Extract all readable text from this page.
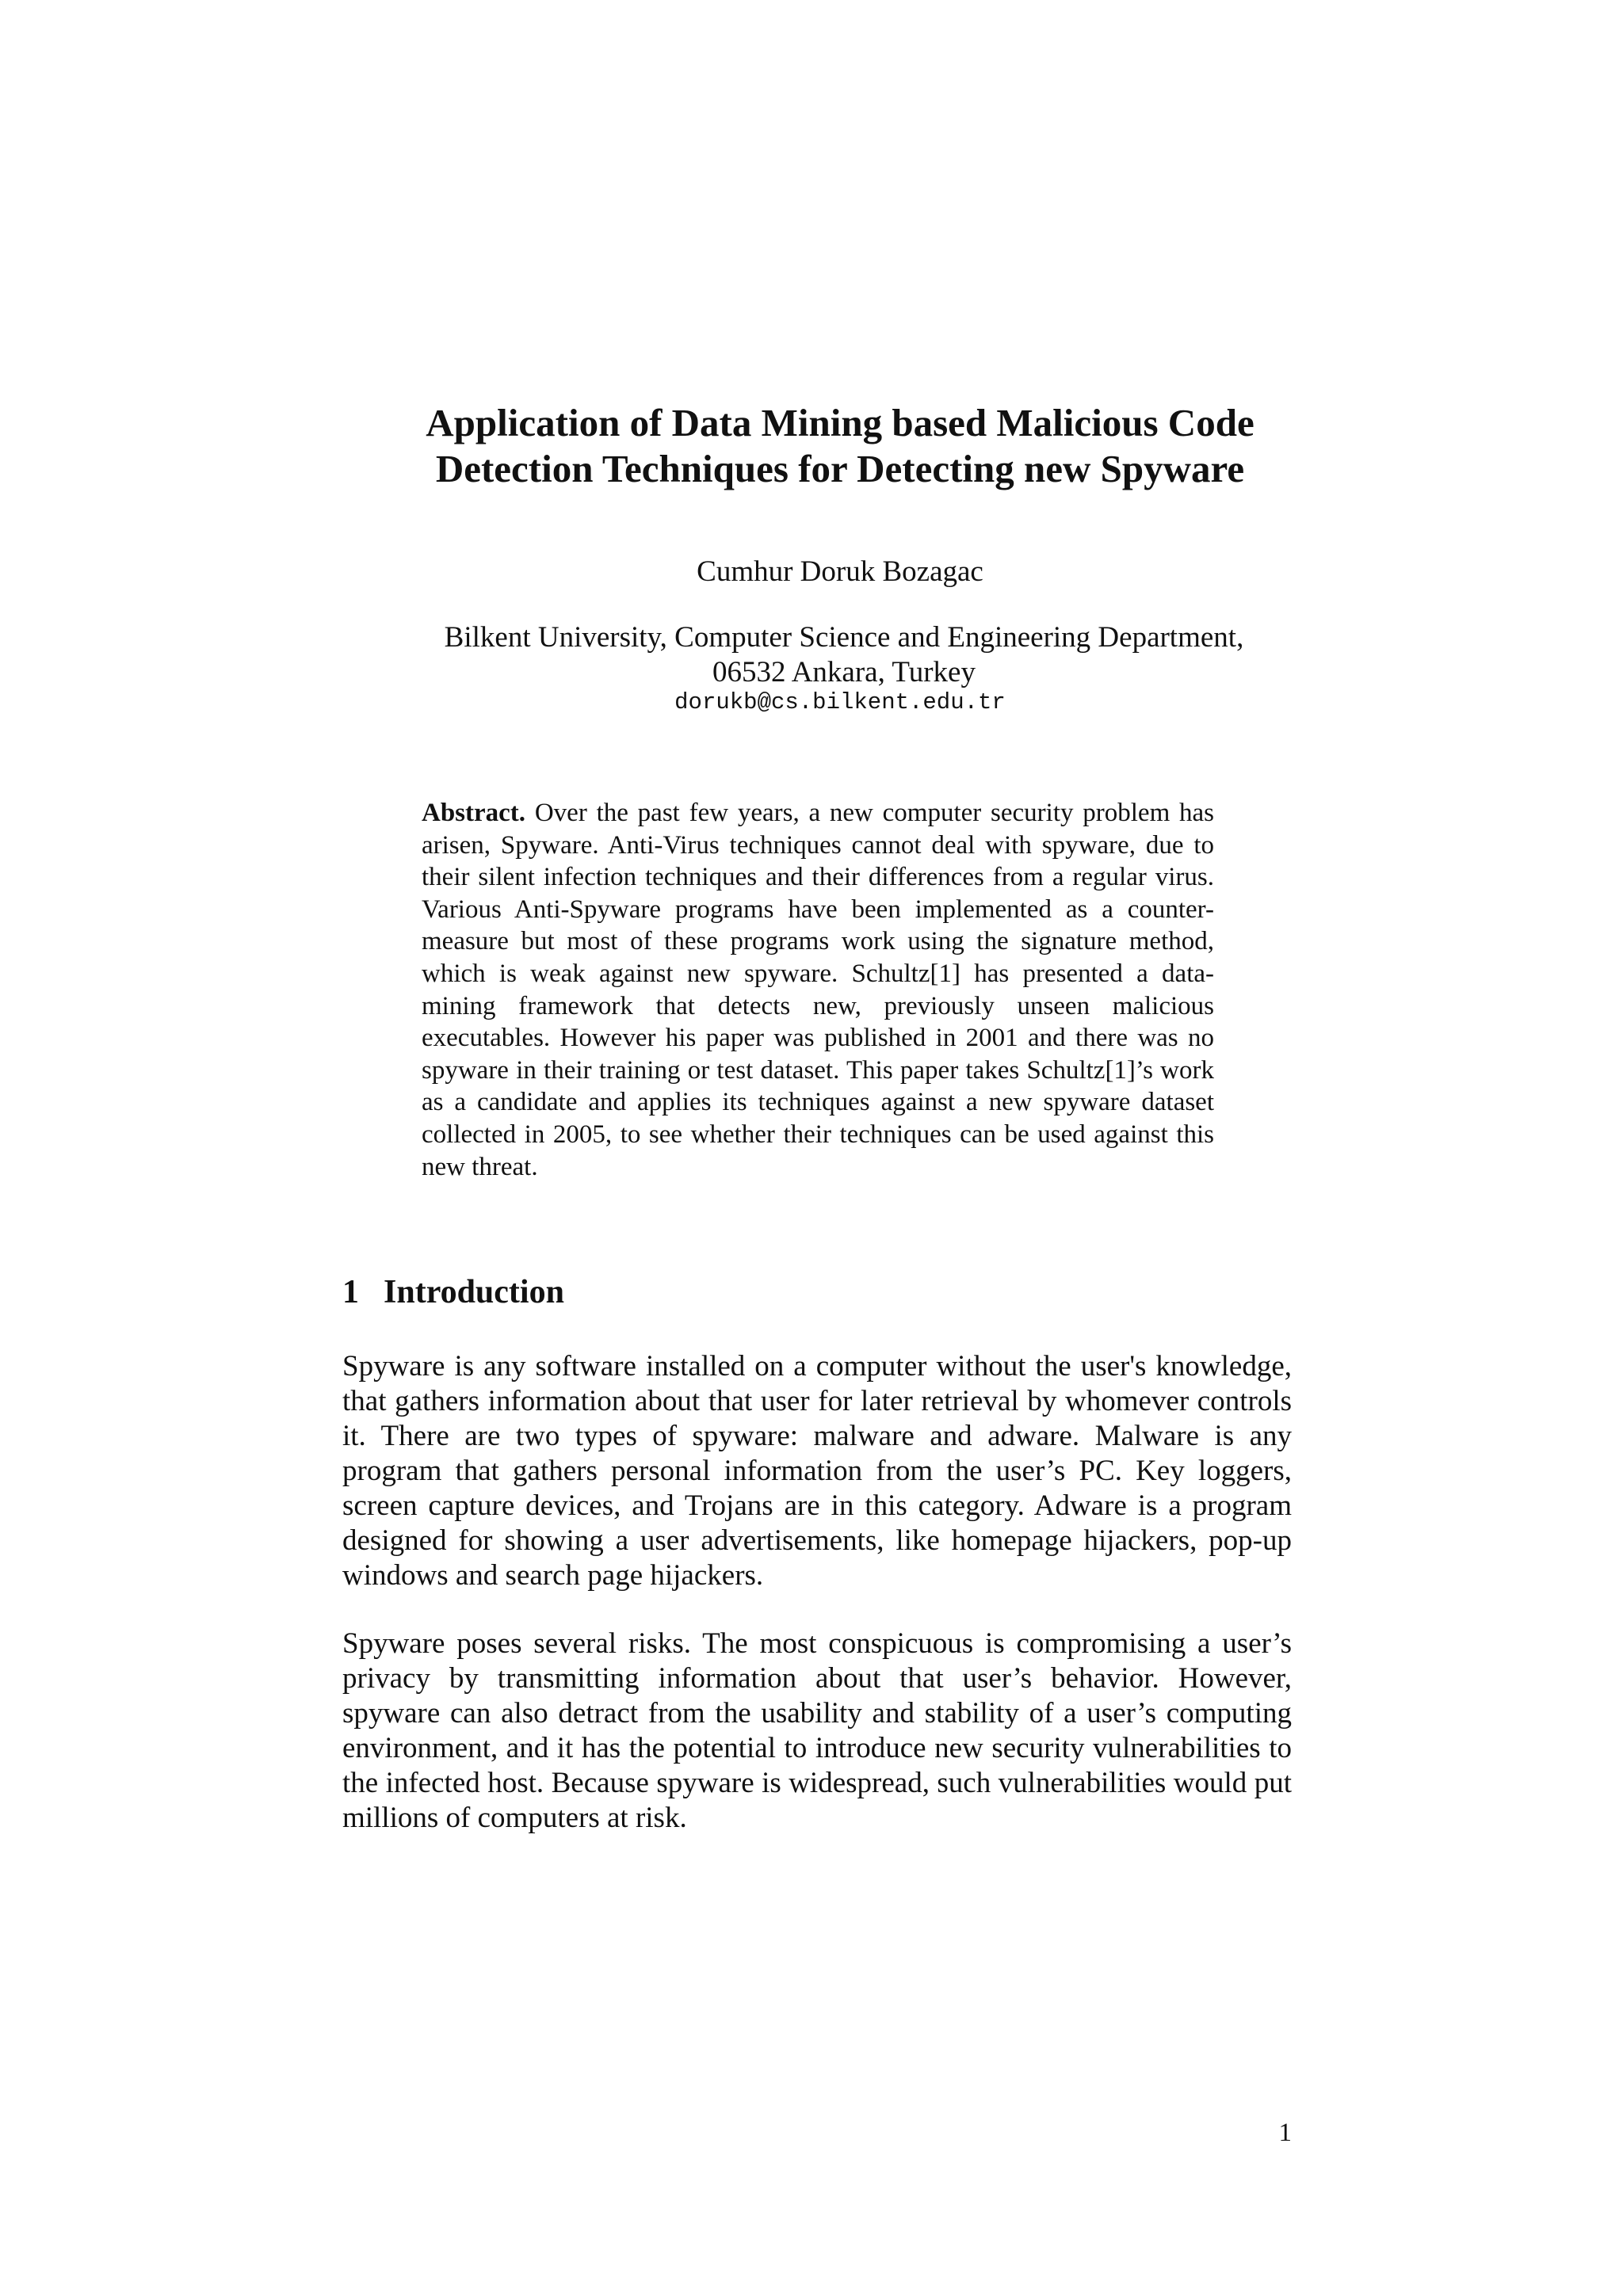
Application of Data Mining based Malicious Code
Detection Techniques for Detecting new Spyware

Cumhur Doruk Bozagac

Bilkent University, Computer Science and Engineering Department,
06532 Ankara, Turkey

dorukb@cs.bilkent.edu.tr

Abstract. Over the past few years, a new computer security problem has arisen, Spyware. Anti-Virus techniques cannot deal with spyware, due to their silent infection techniques and their differences from a regular virus. Various Anti-Spyware programs have been implemented as a counter-measure but most of these programs work using the signature method, which is weak against new spyware. Schultz[1] has presented a data-mining framework that detects new, previously unseen malicious executables. However his paper was published in 2001 and there was no spyware in their training or test dataset. This paper takes Schultz[1]’s work as a candidate and applies its techniques against a new spyware dataset collected in 2005, to see whether their techniques can be used against this new threat.

1 Introduction

Spyware is any software installed on a computer without the user's knowledge, that gathers information about that user for later retrieval by whomever controls it. There are two types of spyware: malware and adware. Malware is any program that gathers personal information from the user’s PC. Key loggers, screen capture devices, and Trojans are in this category. Adware is a program designed for showing a user advertisements, like homepage hijackers, pop-up windows and search page hijackers.

Spyware poses several risks. The most conspicuous is compromising a user’s privacy by transmitting information about that user’s behavior. However, spyware can also detract from the usability and stability of a user’s computing environment, and it has the potential to introduce new security vulnerabilities to the infected host. Because spyware is widespread, such vulnerabilities would put millions of computers at risk.

1
